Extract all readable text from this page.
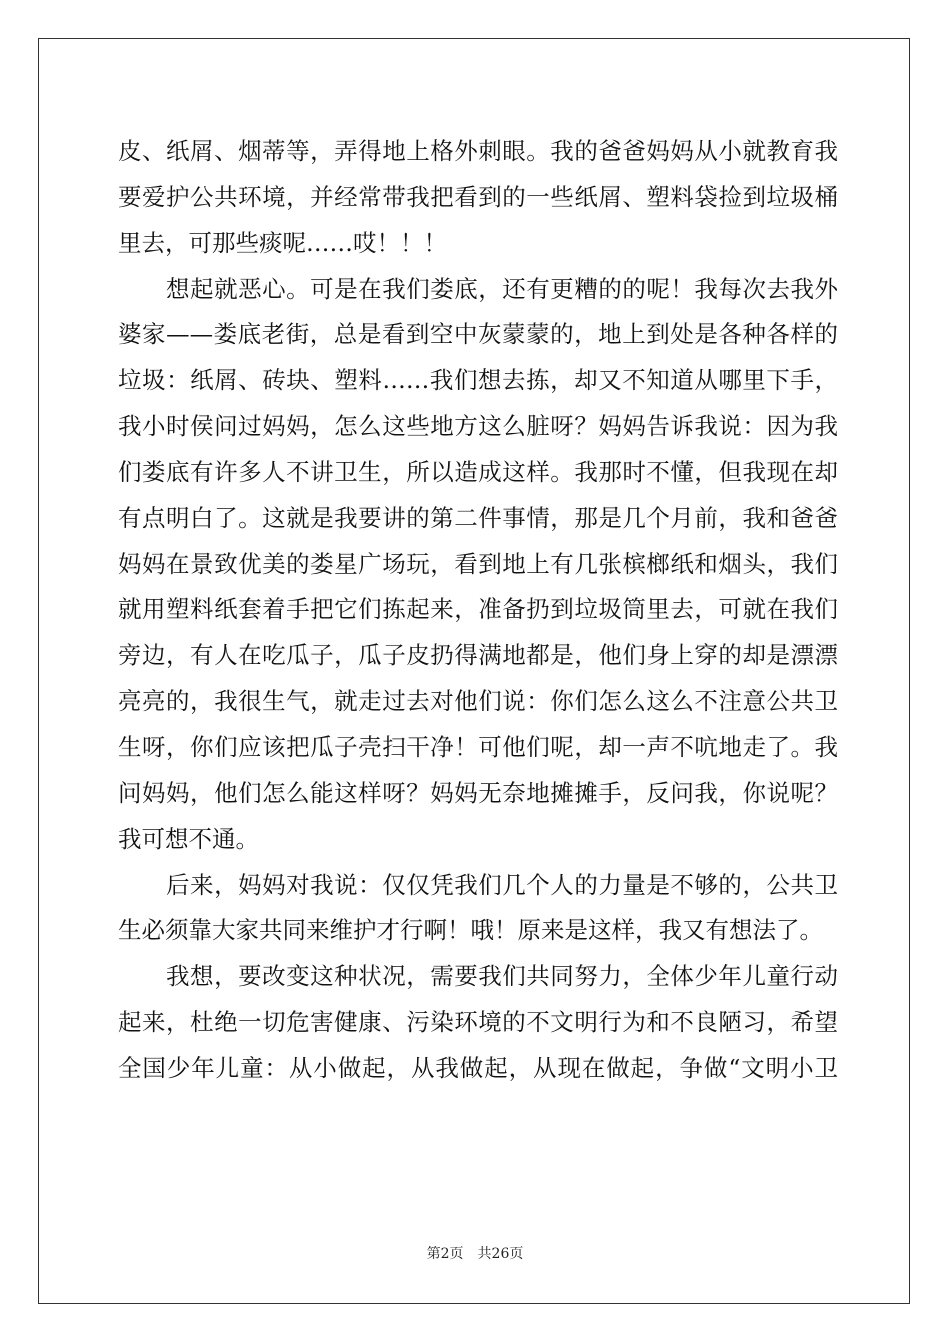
皮、纸屑、烟蒂等，弄得地上格外刺眼。我的爸爸妈妈从小就教育我
要爱护公共环境，并经常带我把看到的一些纸屑、塑料袋捡到垃圾桶
里去，可那些痰呢……哎！！！
　　想起就恶心。可是在我们娄底，还有更糟的的呢！我每次去我外
婆家——娄底老街，总是看到空中灰蒙蒙的，地上到处是各种各样的
垃圾：纸屑、砖块、塑料……我们想去拣，却又不知道从哪里下手，
我小时侯问过妈妈，怎么这些地方这么脏呀？妈妈告诉我说：因为我
们娄底有许多人不讲卫生，所以造成这样。我那时不懂，但我现在却
有点明白了。这就是我要讲的第二件事情，那是几个月前，我和爸爸
妈妈在景致优美的娄星广场玩，看到地上有几张槟榔纸和烟头，我们
就用塑料纸套着手把它们拣起来，准备扔到垃圾筒里去，可就在我们
旁边，有人在吃瓜子，瓜子皮扔得满地都是，他们身上穿的却是漂漂
亮亮的，我很生气，就走过去对他们说：你们怎么这么不注意公共卫
生呀，你们应该把瓜子壳扫干净！可他们呢，却一声不吭地走了。我
问妈妈，他们怎么能这样呀？妈妈无奈地摊摊手，反问我，你说呢？
我可想不通。
　　后来，妈妈对我说：仅仅凭我们几个人的力量是不够的，公共卫
生必须靠大家共同来维护才行啊！哦！原来是这样，我又有想法了。
　　我想，要改变这种状况，需要我们共同努力，全体少年儿童行动
起来，杜绝一切危害健康、污染环境的不文明行为和不良陋习，希望
全国少年儿童：从小做起，从我做起，从现在做起，争做“文明小卫
第2页　共26页
